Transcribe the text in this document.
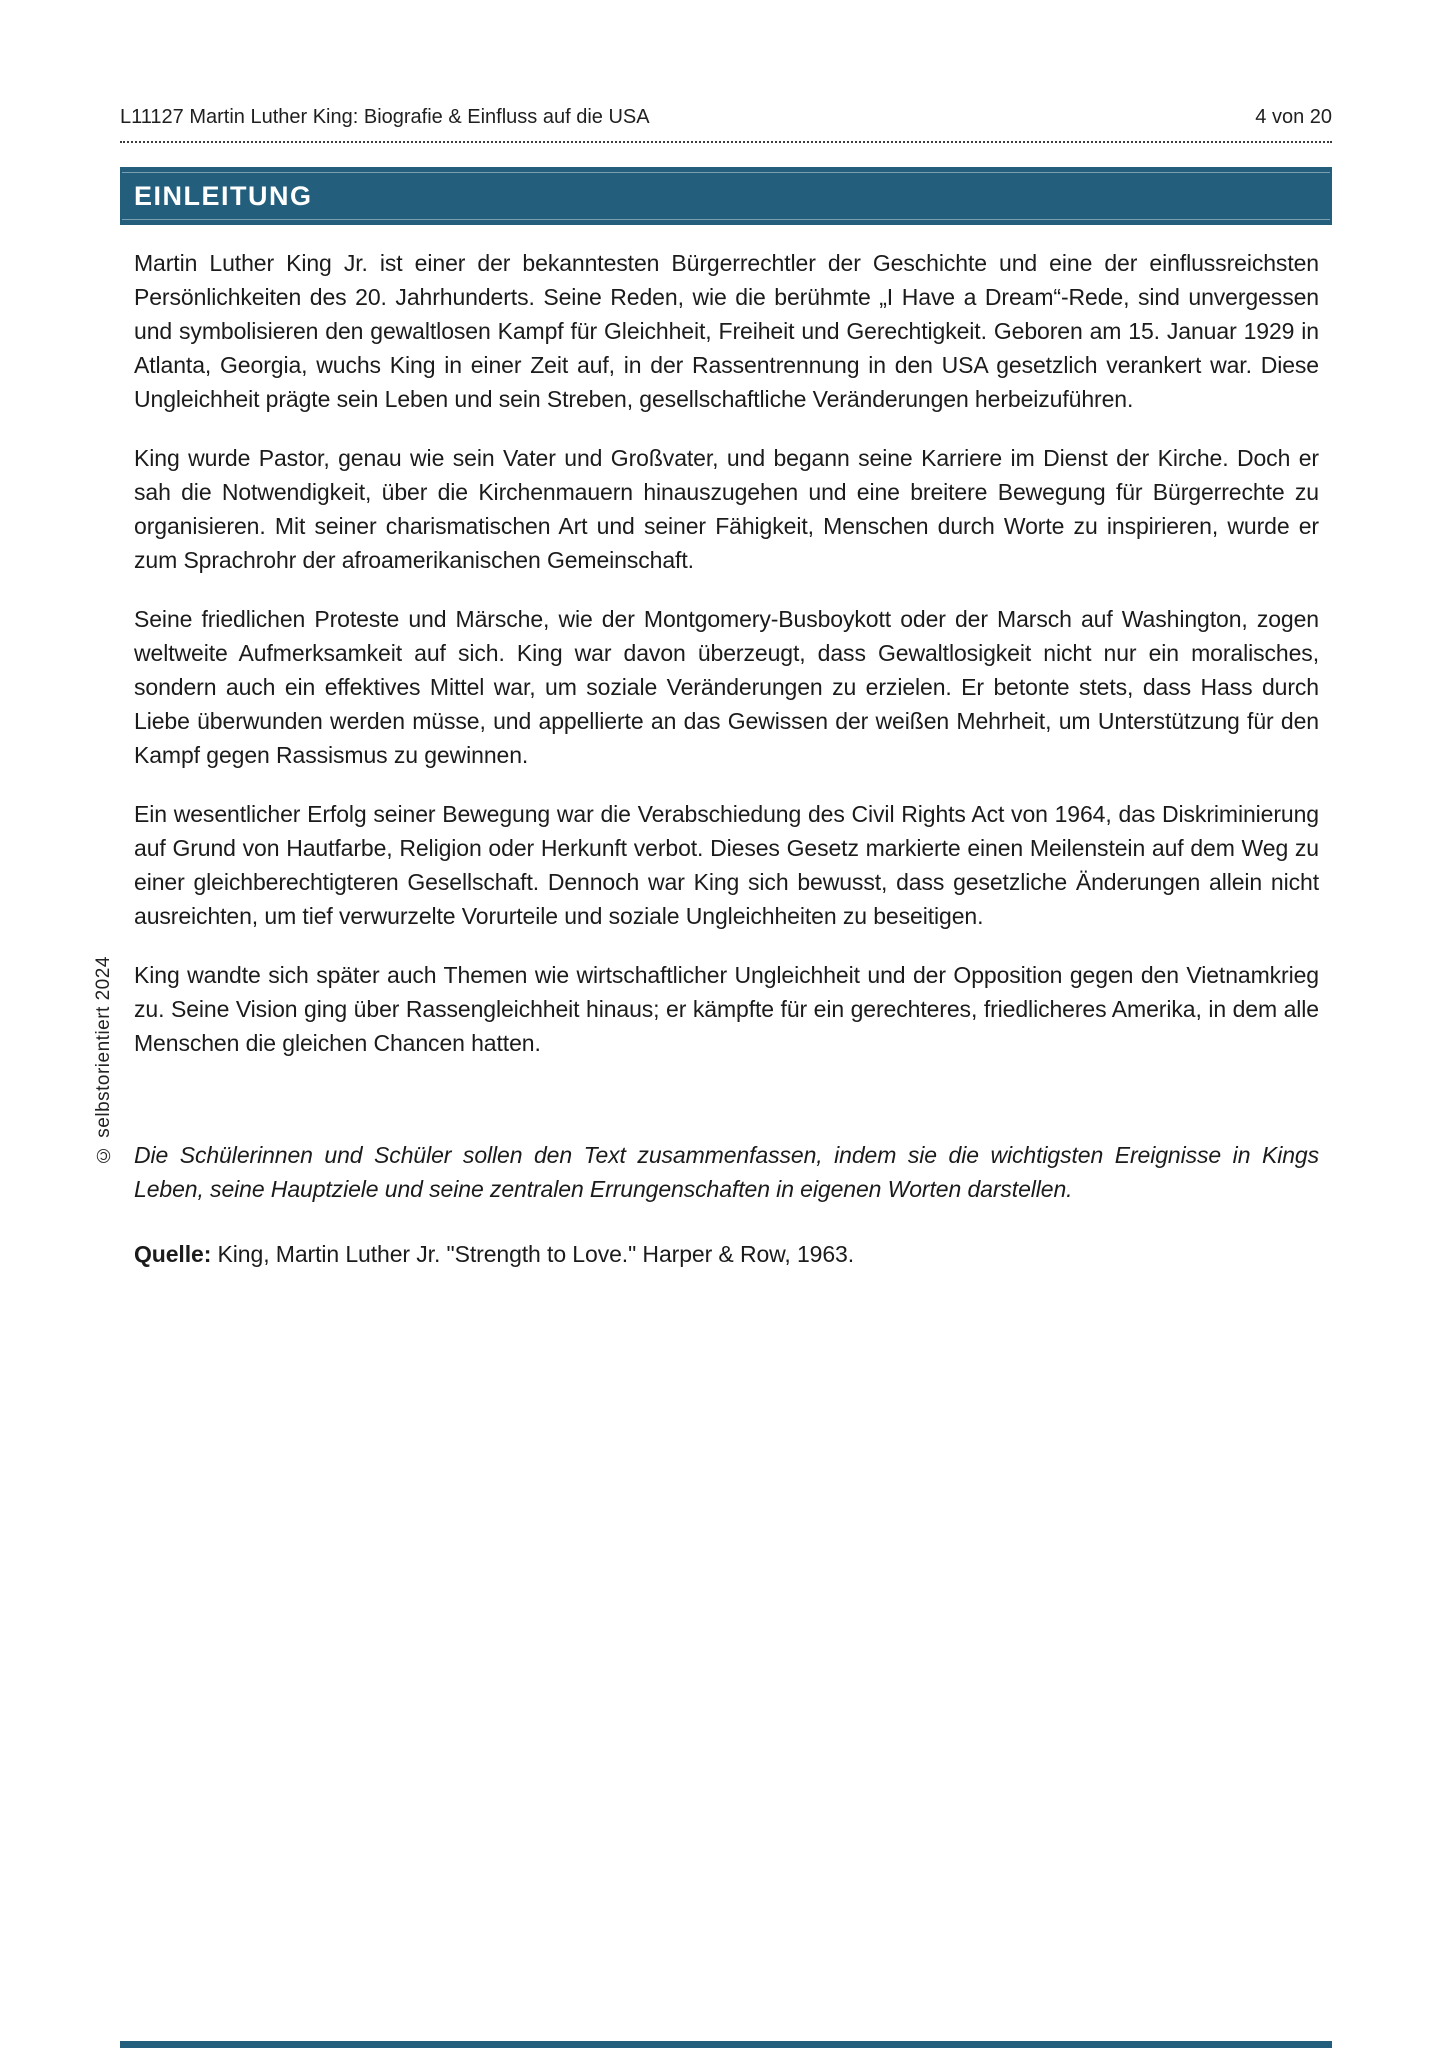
© selbstorientiert 2024
L11127 Martin Luther King: Biografie & Einfluss auf die USA	4 von 20
EINLEITUNG

Martin Luther King Jr. ist einer der bekanntesten Bürgerrechtler der Geschichte und eine der einflussreichsten Persönlichkeiten des 20. Jahrhunderts. Seine Reden, wie die berühmte „I Have a Dream“-Rede, sind unvergessen und symbolisieren den gewaltlosen Kampf für Gleichheit, Freiheit und Gerechtigkeit. Geboren am 15. Januar 1929 in Atlanta, Georgia, wuchs King in einer Zeit auf, in der Rassentrennung in den USA gesetzlich verankert war. Diese Ungleichheit prägte sein Leben und sein Streben, gesellschaftliche Veränderungen herbeizuführen.

King wurde Pastor, genau wie sein Vater und Großvater, und begann seine Karriere im Dienst der Kirche. Doch er sah die Notwendigkeit, über die Kirchenmauern hinauszugehen und eine breitere Bewegung für Bürgerrechte zu organisieren. Mit seiner charismatischen Art und seiner Fähigkeit, Menschen durch Worte zu inspirieren, wurde er zum Sprachrohr der afroamerikanischen Gemeinschaft.

Seine friedlichen Proteste und Märsche, wie der Montgomery-Busboykott oder der Marsch auf Washington, zogen weltweite Aufmerksamkeit auf sich. King war davon überzeugt, dass Gewaltlosigkeit nicht nur ein moralisches, sondern auch ein effektives Mittel war, um soziale Veränderungen zu erzielen. Er betonte stets, dass Hass durch Liebe überwunden werden müsse, und appellierte an das Gewissen der weißen Mehrheit, um Unterstützung für den Kampf gegen Rassismus zu gewinnen.

Ein wesentlicher Erfolg seiner Bewegung war die Verabschiedung des Civil Rights Act von 1964, das Diskriminierung auf Grund von Hautfarbe, Religion oder Herkunft verbot. Dieses Gesetz markierte einen Meilenstein auf dem Weg zu einer gleichberechtigteren Gesellschaft. Dennoch war King sich bewusst, dass gesetzliche Änderungen allein nicht ausreichten, um tief verwurzelte Vorurteile und soziale Ungleichheiten zu beseitigen.

King wandte sich später auch Themen wie wirtschaftlicher Ungleichheit und der Opposition gegen den Vietnamkrieg zu. Seine Vision ging über Rassengleichheit hinaus; er kämpfte für ein gerechteres, friedlicheres Amerika, in dem alle Menschen die gleichen Chancen hatten.

Die Schülerinnen und Schüler sollen den Text zusammenfassen, indem sie die wichtigsten Ereignisse in Kings Leben, seine Hauptziele und seine zentralen Errungenschaften in eigenen Worten darstellen.

Quelle: King, Martin Luther Jr. "Strength to Love." Harper & Row, 1963.
